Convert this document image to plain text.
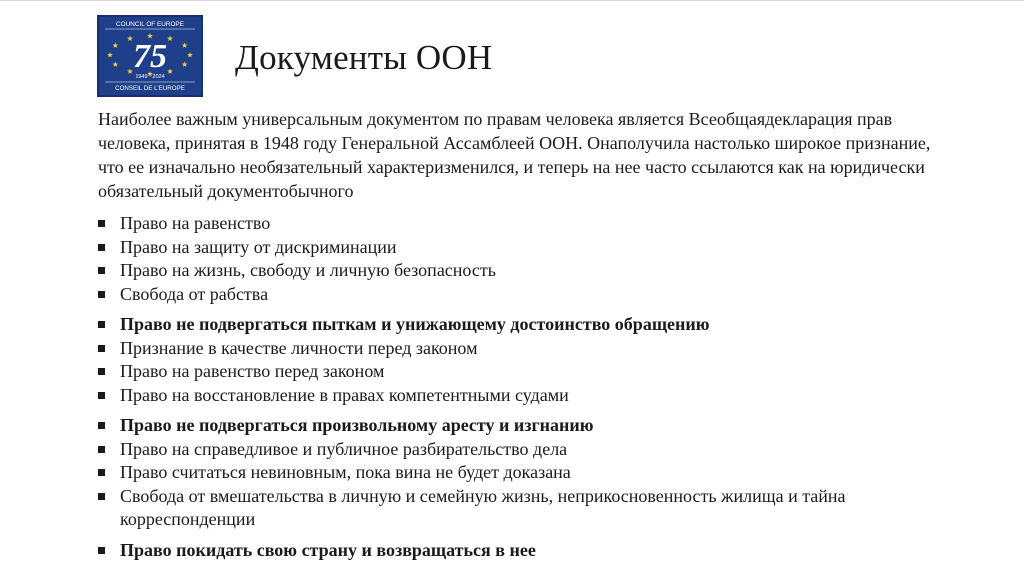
COUNCIL OF EUROPE
75
1949 · 2024
CONSEIL DE L'EUROPE
Документы ООН

Наиболее важным универсальным документом по правам человека является Всеобщаядекларация прав человека, принятая в 1948 году Генеральной Ассамблеей ООН. Онаполучила настолько широкое признание, что ее изначально необязательный характеризменился, и теперь на нее часто ссылаются как на юридически обязательный документобычного

Право на равенство
Право на защиту от дискриминации
Право на жизнь, свободу и личную безопасность
Свобода от рабства
Право не подвергаться пыткам и унижающему достоинство обращению
Признание в качестве личности перед законом
Право на равенство перед законом
Право на восстановление в правах компетентными судами
Право не подвергаться произвольному аресту и изгнанию
Право на справедливое и публичное разбирательство дела
Право считаться невиновным, пока вина не будет доказана
Свобода от вмешательства в личную и семейную жизнь, неприкосновенность жилища и тайна корреспонденции
Право покидать свою страну и возвращаться в нее
